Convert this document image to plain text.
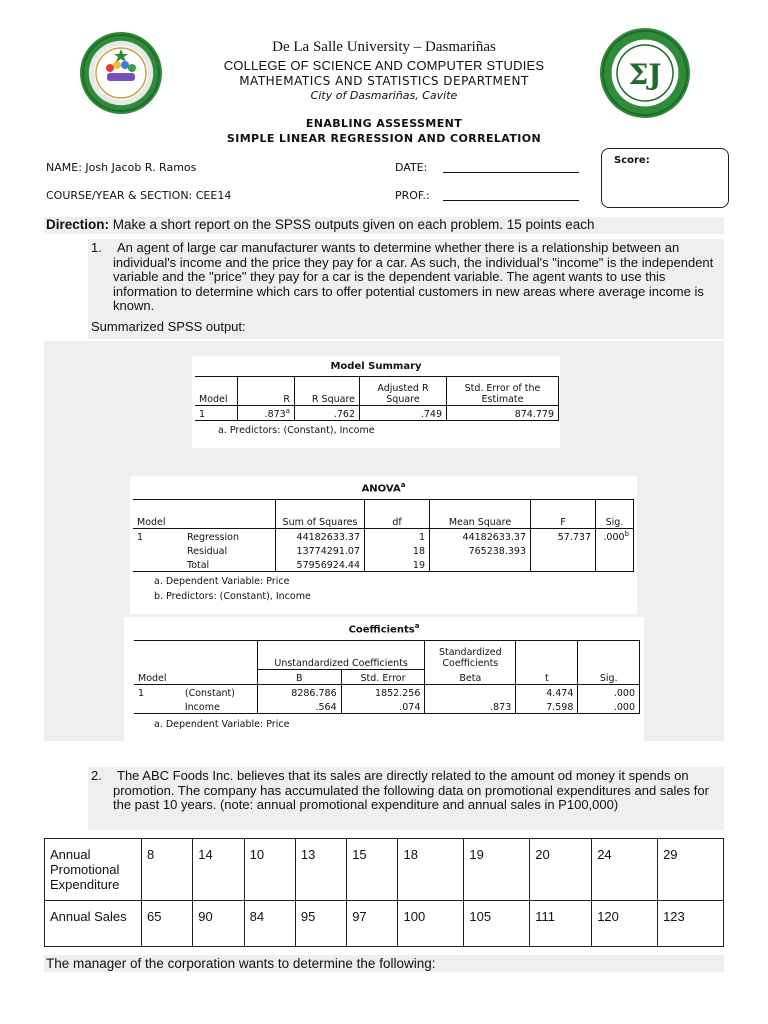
ΣЈ
De La Salle University – Dasmariñas
COLLEGE OF SCIENCE AND COMPUTER STUDIES
MATHEMATICS AND STATISTICS DEPARTMENT
City of Dasmariñas, Cavite
ENABLING ASSESSMENT
SIMPLE LINEAR REGRESSION AND CORRELATION
NAME: Josh Jacob R. Ramos
COURSE/YEAR & SECTION: CEE14
DATE:
PROF.:
Score:
Direction: Make a short report on the SPSS outputs given on each problem. 15 points each
1.	An agent of large car manufacturer wants to determine whether there is a relationship between an individual's income and the price they pay for a car. As such, the individual's "income" is the independent variable and the "price" they pay for a car is the dependent variable. The agent wants to use this information to determine which cars to offer potential customers in new areas where average income is known.
Summarized SPSS output:
Model Summary
Model	R	R Square	Adjusted R Square	Std. Error of the Estimate
1	.873$^a$	.762	.749	874.779
a. Predictors: (Constant), Income
ANOVA$^a$
Model		Sum of Squares	df	Mean Square	F	Sig.
1	Regression	44182633.37	1	44182633.37	57.737	.000$^b$
	Residual	13774291.07	18	765238.393		
	Total	57956924.44	19			
a. Dependent Variable: Price
b. Predictors: (Constant), Income
Coefficients$^a$
		Unstandardized Coefficients		Standardized Coefficients		
Model		B	Std. Error	Beta	t	Sig.
1	(Constant)	8286.786	1852.256		4.474	.000
	Income	.564	.074	.873	7.598	.000
a. Dependent Variable: Price
2.	The ABC Foods Inc. believes that its sales are directly related to the amount od money it spends on promotion. The company has accumulated the following data on promotional expenditures and sales for the past 10 years. (note: annual promotional expenditure and annual sales in P100,000)
Annual Promotional Expenditure	8	14	10	13	15	18	19	20	24	29
Annual Sales	65	90	84	95	97	100	105	111	120	123
The manager of the corporation wants to determine the following:
